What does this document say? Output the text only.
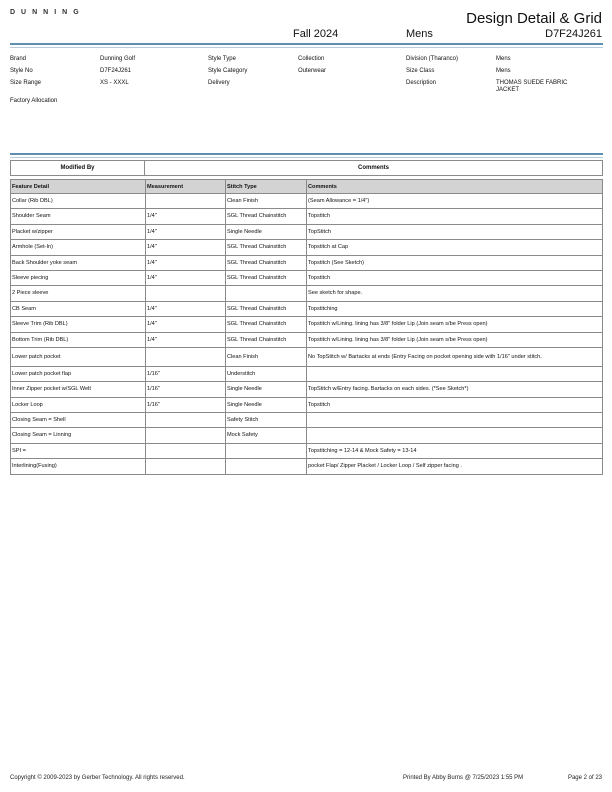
DUNNING	Design Detail & Grid
Fall 2024	Mens	D7F24J261
Brand	Dunning Golf
Style No	D7F24J261
Size Range	XS - XXXL
Style Type	Collection
Style Category	Outerwear
Delivery
Division (Tharanco)	Mens
Size Class	Mens
Description	THOMAS SUEDE FABRIC JACKET
Factory Allocation
Modified By	Comments
Feature Detail	Measurement	Stitch Type	Comments
Collar (Rib DBL)		Clean Finish	(Seam Allowance = 1/4")
Shoulder Seam	1/4"	SGL Thread Chainstitch	Topstitch
Placket w/zipper	1/4"	Single Needle	TopStitch
Armhole (Set-In)	1/4"	SGL Thread Chainstitch	Topstitch at Cap
Back Shoulder yoke seam	1/4"	SGL Thread Chainstitch	Topstitch (See Sketch)
Sleeve piecing	1/4"	SGL Thread Chainstitch	Topstitch
2 Piece sleeve			See sketch for shape.
CB Seam	1/4"	SGL Thread Chainstitch	Topstitching
Sleeve Trim (Rib DBL)	1/4"	SGL Thread Chainstitch	Topstitch w/Lining. lining has 3/8" folder Lip (Join seam s/be Press open)
Bottom Trim (Rib DBL)	1/4"	SGL Thread Chainstitch	Topstitch w/Lining. lining has 3/8" folder Lip (Join seam s/be Press open)
Lower patch pocket		Clean Finish	No TopStitch w/ Bartacks at ends (Entry Facing on pocket opening side with 1/16" under stitch.
Lower patch pocket flap	1/16"	Understitch	
Inner Zipper pocket w/SGL Welt	1/16"	Single Needle	TopStitch w/Entry facing. Bartacks on each sides. (*See Sketch*)
Locker Loop	1/16"	Single Needle	Topstitch
Closing Seam = Shell		Safety Stitch	
Closing Seam = Linning		Mock Safety	
SPI =			Topstitching = 12-14 & Mock Safety = 13-14
Interlining(Fusing)			pocket Flap/ Zipper Placket / Locker Loop / Self zipper facing .
Copyright © 2009-2023 by Gerber Technology. All rights reserved.	Printed By Abby Burns @ 7/25/2023 1:55 PM	Page 2 of 23
